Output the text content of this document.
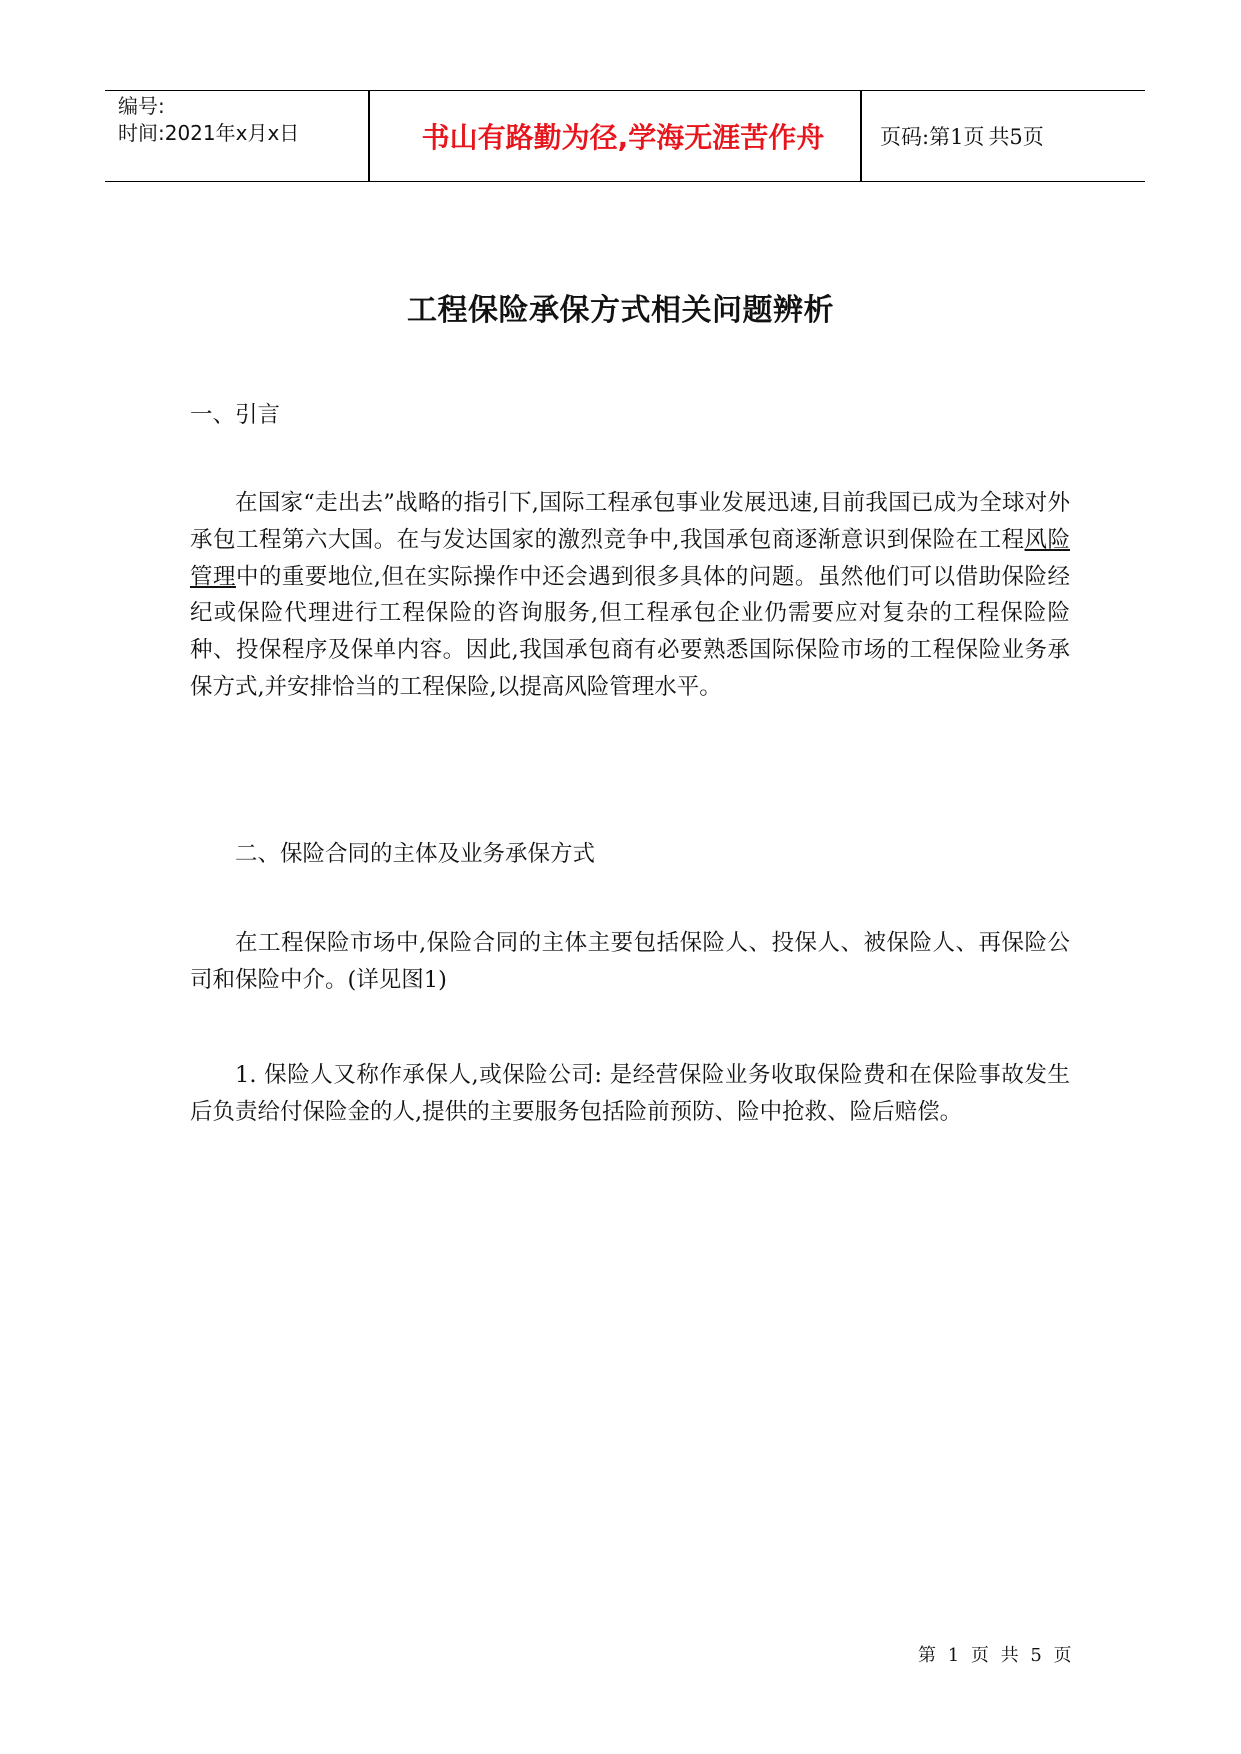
编号:
时间:2021年x月x日	书山有路勤为径,学海无涯苦作舟	页码:第1页 共5页
工程保险承保方式相关问题辨析
一、引言
在国家“走出去”战略的指引下,国际工程承包事业发展迅速,目前我国已成为全球对外承包工程第六大国。在与发达国家的激烈竞争中,我国承包商逐渐意识到保险在工程风险管理中的重要地位,但在实际操作中还会遇到很多具体的问题。虽然他们可以借助保险经纪或保险代理进行工程保险的咨询服务,但工程承包企业仍需要应对复杂的工程保险险种、投保程序及保单内容。因此,我国承包商有必要熟悉国际保险市场的工程保险业务承保方式,并安排恰当的工程保险,以提高风险管理水平。
二、保险合同的主体及业务承保方式
在工程保险市场中,保险合同的主体主要包括保险人、投保人、被保险人、再保险公司和保险中介。(详见图1)
1. 保险人又称作承保人,或保险公司: 是经营保险业务收取保险费和在保险事故发生后负责给付保险金的人,提供的主要服务包括险前预防、险中抢救、险后赔偿。
第 1 页 共 5 页
